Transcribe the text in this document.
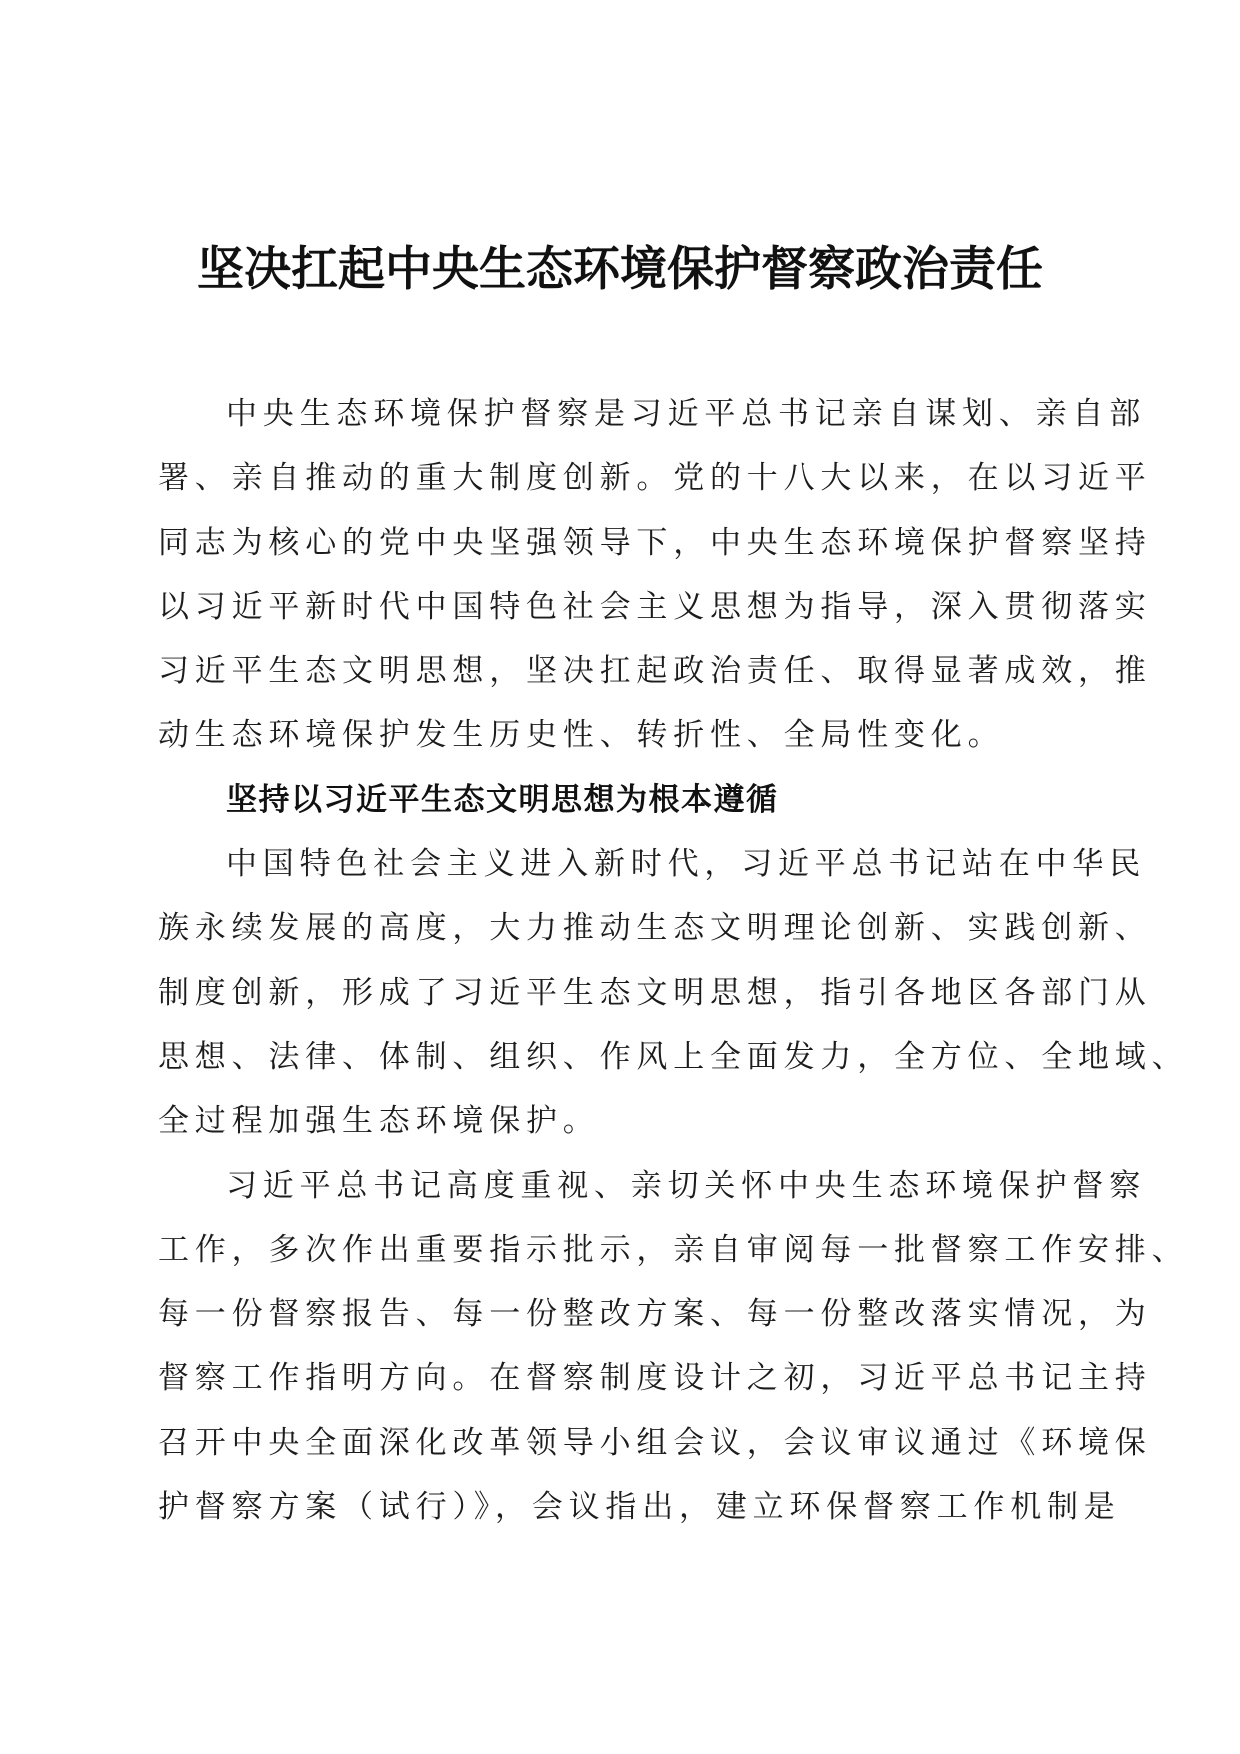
坚决扛起中央生态环境保护督察政治责任
中央生态环境保护督察是习近平总书记亲自谋划、亲自部
署、亲自推动的重大制度创新。党的十八大以来，在以习近平
同志为核心的党中央坚强领导下，中央生态环境保护督察坚持
以习近平新时代中国特色社会主义思想为指导，深入贯彻落实
习近平生态文明思想，坚决扛起政治责任、取得显著成效，推
动生态环境保护发生历史性、转折性、全局性变化。
坚持以习近平生态文明思想为根本遵循
中国特色社会主义进入新时代，习近平总书记站在中华民
族永续发展的高度，大力推动生态文明理论创新、实践创新、
制度创新，形成了习近平生态文明思想，指引各地区各部门从
思想、法律、体制、组织、作风上全面发力，全方位、全地域、
全过程加强生态环境保护。
习近平总书记高度重视、亲切关怀中央生态环境保护督察
工作，多次作出重要指示批示，亲自审阅每一批督察工作安排、
每一份督察报告、每一份整改方案、每一份整改落实情况，为
督察工作指明方向。在督察制度设计之初，习近平总书记主持
召开中央全面深化改革领导小组会议，会议审议通过《环境保
护督察方案（试行）》，会议指出，建立环保督察工作机制是
